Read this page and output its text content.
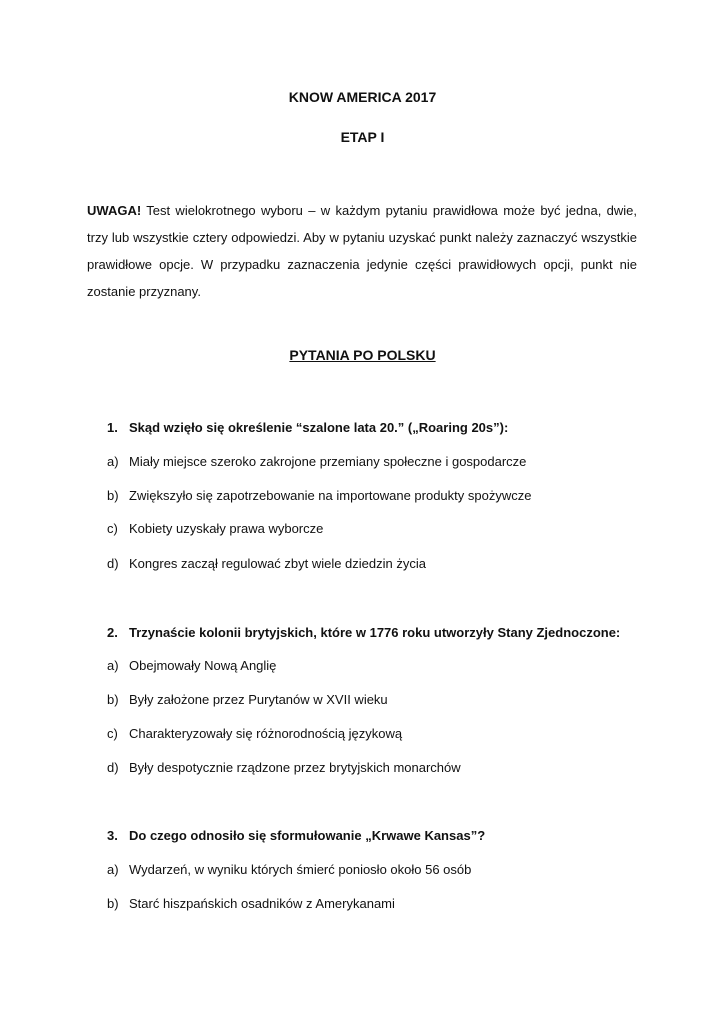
KNOW AMERICA 2017
ETAP I
UWAGA! Test wielokrotnego wyboru – w każdym pytaniu prawidłowa może być jedna, dwie, trzy lub wszystkie cztery odpowiedzi. Aby w pytaniu uzyskać punkt należy zaznaczyć wszystkie prawidłowe opcje. W przypadku zaznaczenia jedynie części prawidłowych opcji, punkt nie zostanie przyznany.
PYTANIA PO POLSKU
1. Skąd wzięło się określenie “szalone lata 20.” („Roaring 20s”):
a) Miały miejsce szeroko zakrojone przemiany społeczne i gospodarcze
b) Zwiększyło się zapotrzebowanie na importowane produkty spożywcze
c) Kobiety uzyskały prawa wyborcze
d) Kongres zaczął regulować zbyt wiele dziedzin życia
2. Trzynaście kolonii brytyjskich, które w 1776 roku utworzyły Stany Zjednoczone:
a) Obejmowały Nową Anglię
b) Były założone przez Purytanów w XVII wieku
c) Charakteryzowały się różnorodnością językową
d) Były despotycznie rządzone przez brytyjskich monarchów
3. Do czego odnosiło się sformułowanie „Krwawe Kansas”?
a) Wydarzeń, w wyniku których śmierć poniosło około 56 osób
b) Starć hiszpańskich osadników z Amerykanami
